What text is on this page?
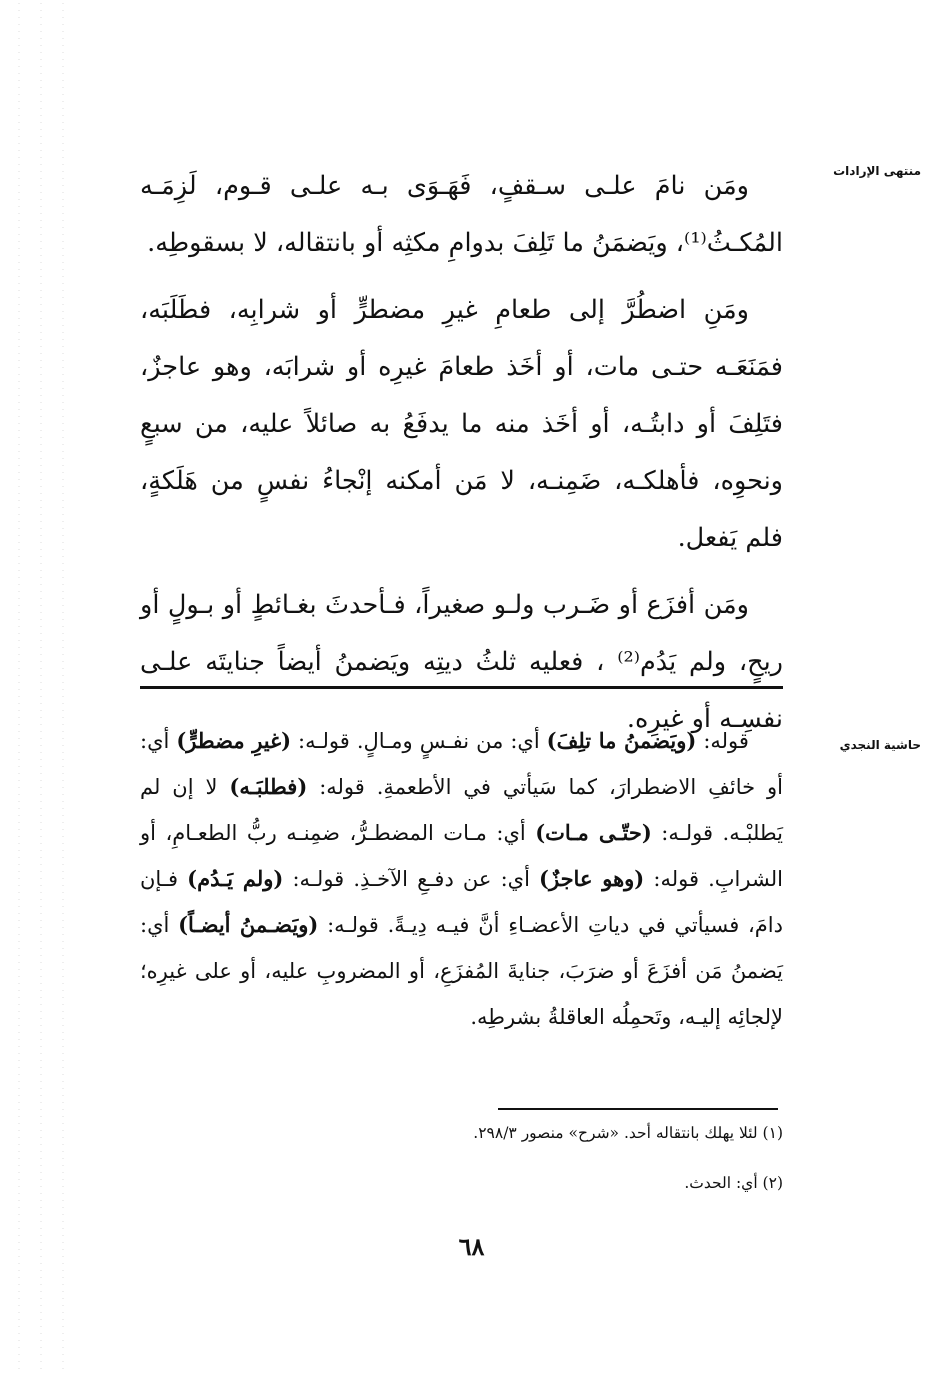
منتهى الإرادات

ومَن نامَ علـى سـقفٍ، فَهَـوَى بـه علـى قـوم، لَزِمَـه المُكـثُ⁽¹⁾، ويَضمَنُ ما تَلِفَ بدوامِ مكثِه أو بانتقاله، لا بسقوطِه.

ومَنِ اضطُرَّ إلى طعامِ غيرِ مضطرٍّ أو شرابِه، فطَلَبَه، فمَنَعَـه حتـى مات، أو أخَذ طعامَ غيرِه أو شرابَه، وهو عاجزٌ، فتَلِفَ أو دابتُـه، أو أخَذ منه ما يدفَعُ به صائلاً عليه، من سبعٍ ونحوِه، فأهلكـه، ضَمِنـه، لا مَن أمكنه إنْجاءُ نفسٍ من هَلَكةٍ، فلم يَفعل.

ومَن أفزَع أو ضَـرب ولـو صغيراً، فـأحدثَ بغـائطٍ أو بـولٍ أو ريحٍ، ولم يَدُم⁽²⁾ ، فعليه ثلثُ ديتِه ويَضمنُ أيضاً جنايتَه علـى نفسِـه أو غيرِه.

حاشية النجدي

قوله: (ويَضمنُ ما تلِفَ) أي: من نفـسٍ ومـالٍ. قولـه: (غيرِ مضطرٍّ) أي: أو خائفِ الاضطرارَ، كما سَيأتي في الأطعمةِ. قوله: (فطلبَـه) لا إن لم يَطلبْـه. قولـه: (حتّـى مـات) أي: مـات المضطـرُّ، ضمِنـه ربُّ الطعـامِ، أو الشرابِ. قوله: (وهو عاجزٌ) أي: عن دفـعِ الآخـذِ. قولـه: (ولم يَـدُم) فـإن دامَ، فسيأتي في دياتِ الأعضـاءِ أنَّ فيـه دِيـةً. قولـه: (ويَضـمنُ أيضـاً) أي: يَضمنُ مَن أفزَعَ أو ضرَبَ، جنايةَ المُفزَعِ، أو المضروبِ عليه، أو على غيرِه؛ لإلجائِه إليـه، وتَحمِلُه العاقلةُ بشرطِه.

(١) لئلا يهلك بانتقاله أحد. «شرح» منصور ٢٩٨/٣.
(٢) أي: الحدث.
٦٨
